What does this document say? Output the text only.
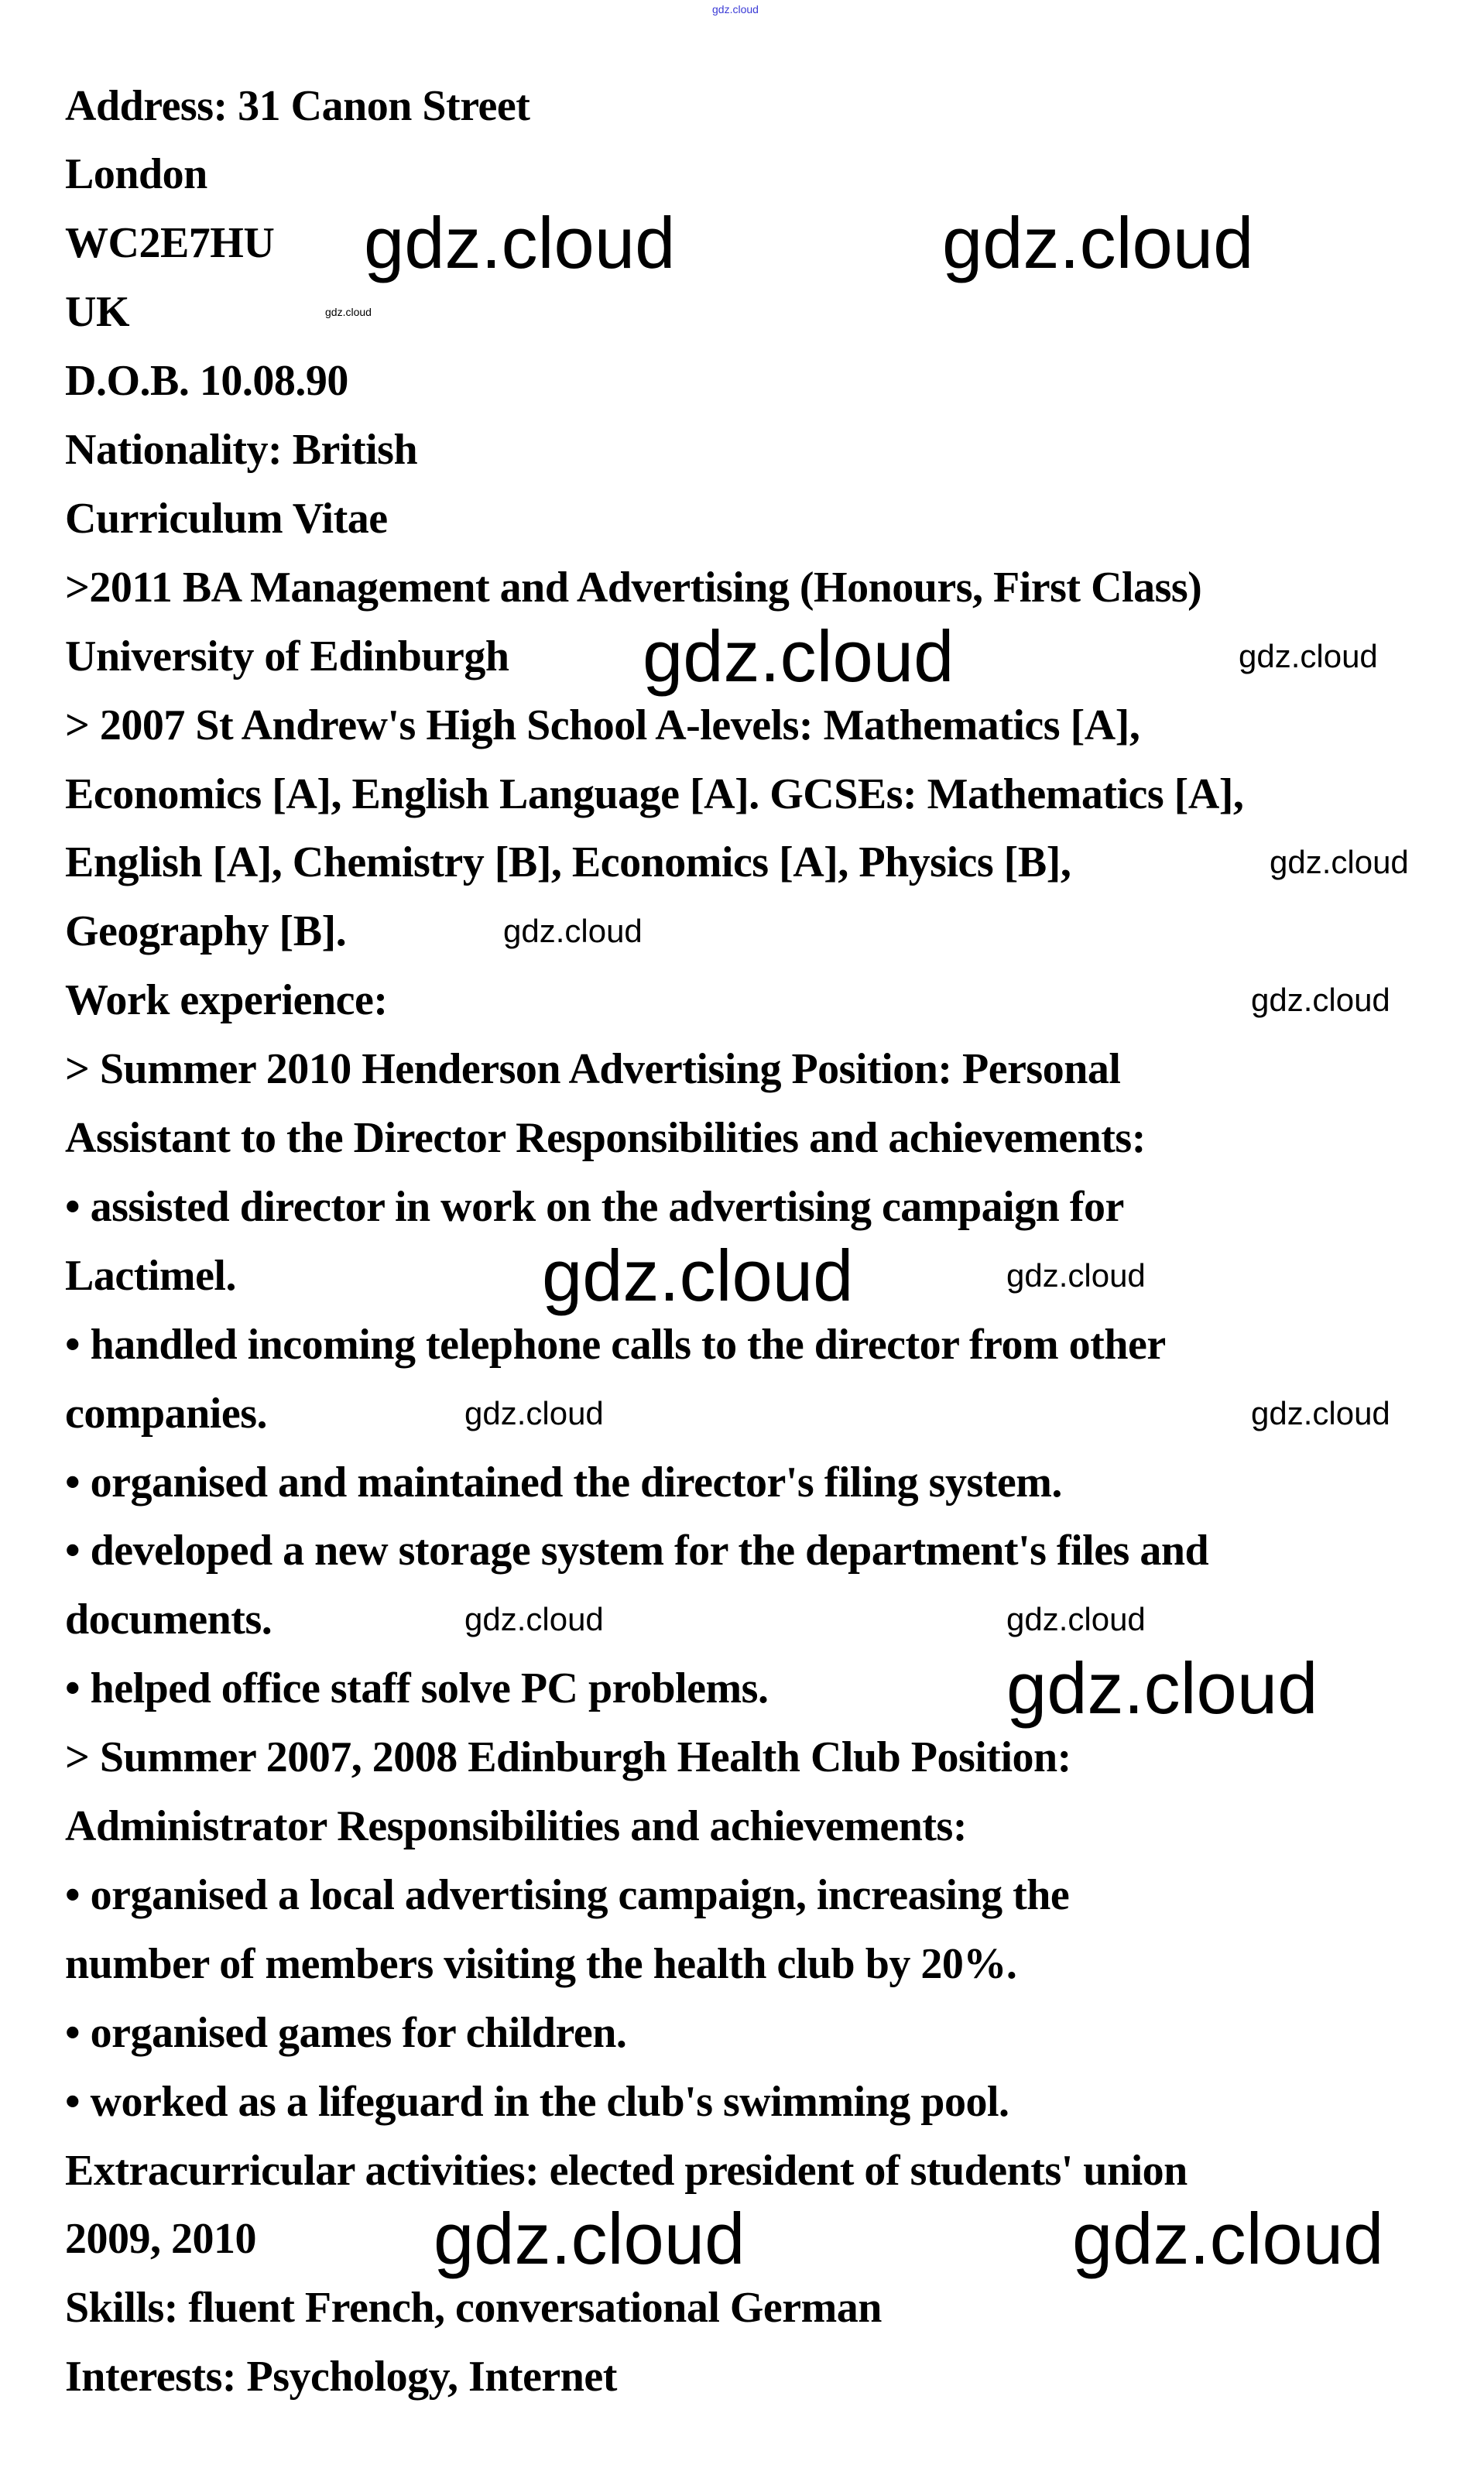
Address: 31 Canon Street
London
WC2E7HU
UK
D.O.B. 10.08.90
Nationality: British
Curriculum Vitae
>2011 BA Management and Advertising (Honours, First Class)
University of Edinburgh
> 2007 St Andrew's High School A-levels: Mathematics [A],
Economics [A], English Language [A]. GCSEs: Mathematics [A],
English [A], Chemistry [B], Economics [A], Physics [B],
Geography [B].
Work experience:
> Summer 2010 Henderson Advertising Position: Personal
Assistant to the Director Responsibilities and achievements:
• assisted director in work on the advertising campaign for
Lactimel.
• handled incoming telephone calls to the director from other
companies.
• organised and maintained the director's filing system.
• developed a new storage system for the department's files and
documents.
• helped office staff solve PC problems.
> Summer 2007, 2008 Edinburgh Health Club Position:
Administrator Responsibilities and achievements:
• organised a local advertising campaign, increasing the
number of members visiting the health club by 20%.
• organised games for children.
• worked as a lifeguard in the club's swimming pool.
Extracurricular activities: elected president of students' union
2009, 2010
Skills: fluent French, conversational German
Interests: Psychology, Internet
gdz.cloud
gdz.cloud
gdz.cloud	gdz.cloud
gdz.cloud
gdz.cloud
gdz.cloud
gdz.cloud	gdz.cloud
gdz.cloud
gdz.cloud
gdz.cloud
gdz.cloud
gdz.cloud
gdz.cloud
gdz.cloud
gdz.cloud	gdz.cloud
